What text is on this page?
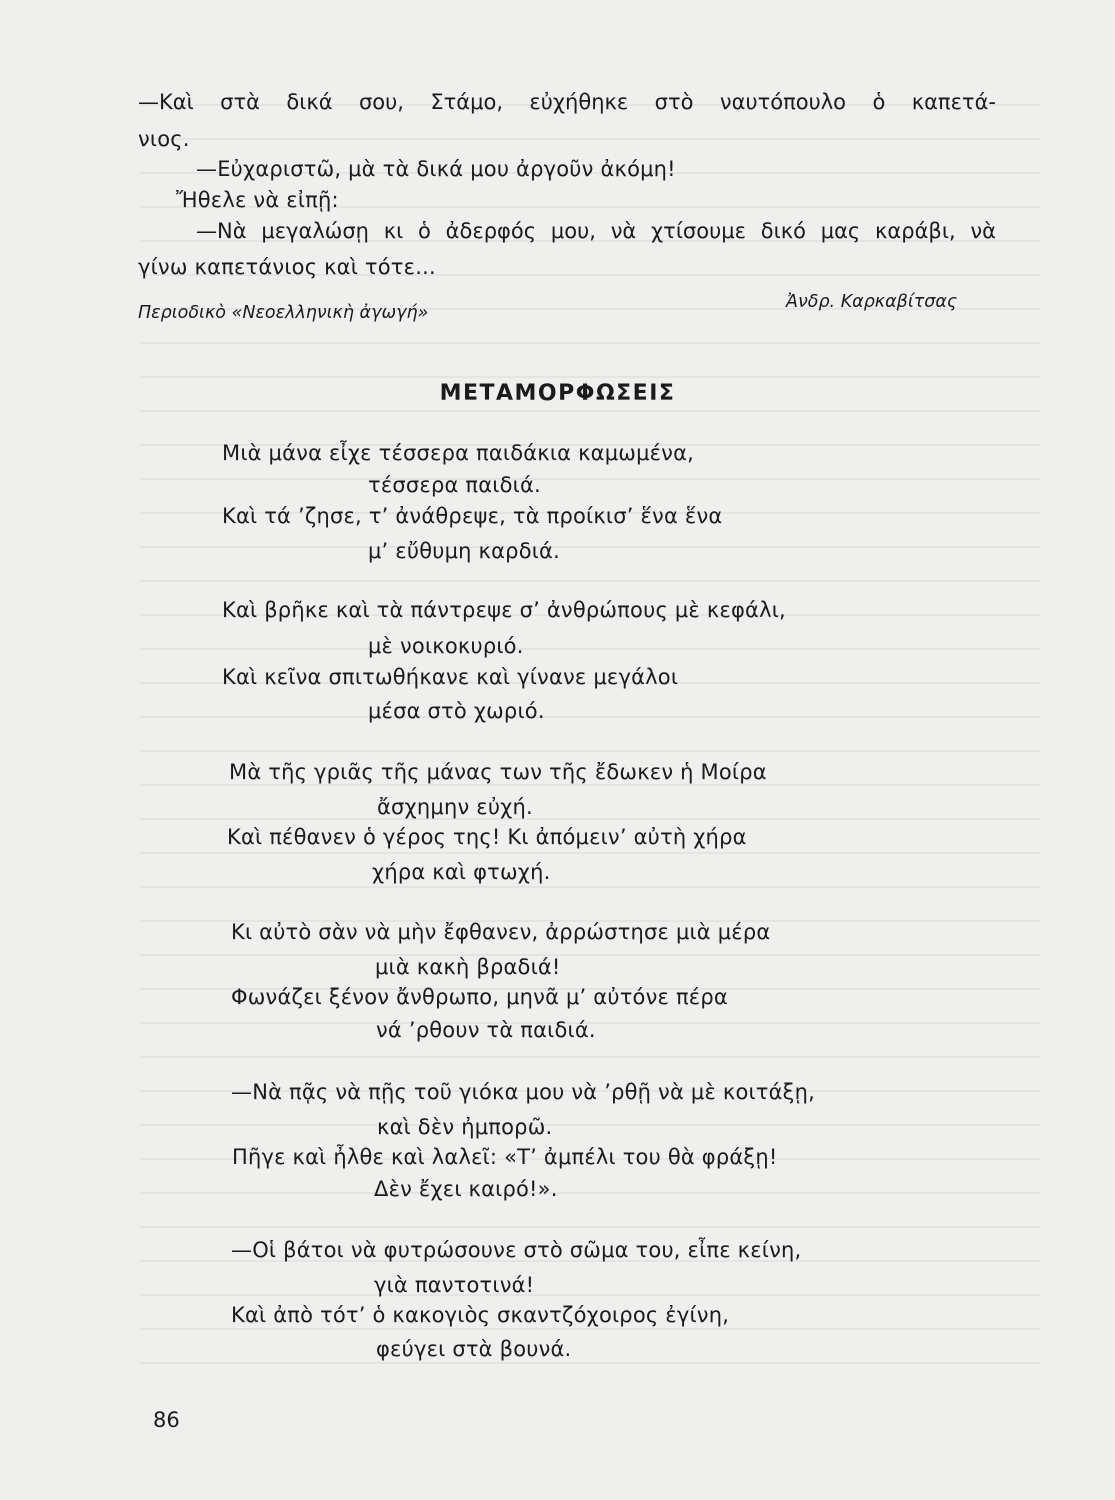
—Καὶ στὰ δικά σου, Στάμο, εὐχήθηκε στὸ ναυτόπουλο ὁ καπετά-
νιος.
—Εὐχαριστῶ, μὰ τὰ δικά μου ἀργοῦν ἀκόμη!
Ἤθελε νὰ εἰπῇ:
—Νὰ μεγαλώσῃ κι ὁ ἀδερφός μου, νὰ χτίσουμε δικό μας καράβι, νὰ
γίνω καπετάνιος καὶ τότε...
Περιοδικὸ «Νεοελληνικὴ ἀγωγή»
Ἀνδρ. Καρκαβίτσας
ΜΕΤΑΜΟΡΦΩΣΕΙΣ
Μιὰ μάνα εἶχε τέσσερα παιδάκια καμωμένα,
τέσσερα παιδιά.
Καὶ τά ’ζησε, τ’ ἀνάθρεψε, τὰ προίκισ’ ἕνα ἕνα
μ’ εὔθυμη καρδιά.
Καὶ βρῆκε καὶ τὰ πάντρεψε σ’ ἀνθρώπους μὲ κεφάλι,
μὲ νοικοκυριό.
Καὶ κεῖνα σπιτωθήκανε καὶ γίνανε μεγάλοι
μέσα στὸ χωριό.
Μὰ τῆς γριᾶς τῆς μάνας των τῆς ἔδωκεν ἡ Μοίρα
ἄσχημην εὐχή.
Καὶ πέθανεν ὁ γέρος της! Κι ἀπόμειν’ αὐτὴ χήρα
χήρα καὶ φτωχή.
Κι αὐτὸ σὰν νὰ μὴν ἔφθανεν, ἀρρώστησε μιὰ μέρα
μιὰ κακὴ βραδιά!
Φωνάζει ξένον ἄνθρωπο, μηνᾶ μ’ αὐτόνε πέρα
νά ’ρθουν τὰ παιδιά.
—Νὰ πᾷς νὰ πῇς τοῦ γιόκα μου νὰ ’ρθῇ νὰ μὲ κοιτάξῃ,
καὶ δὲν ἠμπορῶ.
Πῆγε καὶ ἦλθε καὶ λαλεῖ: «Τ’ ἀμπέλι του θὰ φράξῃ!
Δὲν ἔχει καιρό!».
—Οἱ βάτοι νὰ φυτρώσουνε στὸ σῶμα του, εἶπε κείνη,
γιὰ παντοτινά!
Καὶ ἀπὸ τότ’ ὁ κακογιὸς σκαντζόχοιρος ἐγίνη,
φεύγει στὰ βουνά.
86
